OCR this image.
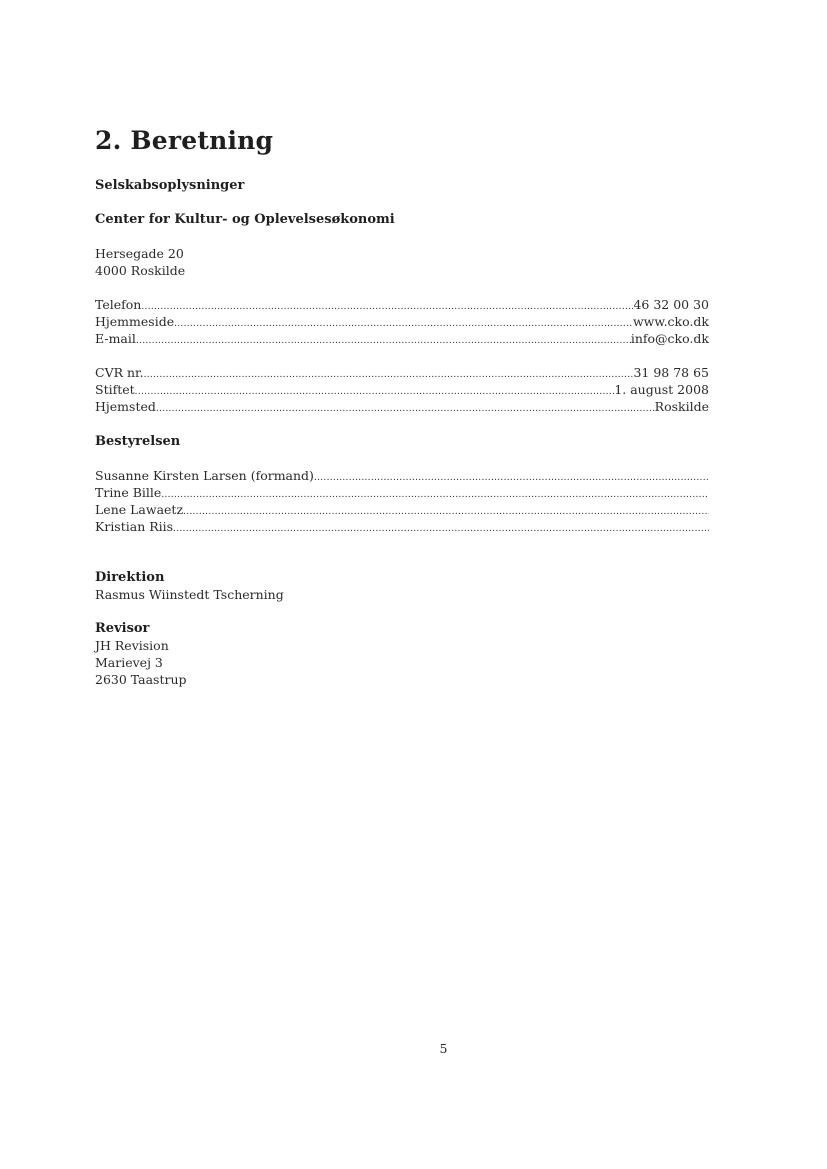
2. Beretning

Selskabsoplysninger

Center for Kultur- og Oplevelsesøkonomi

Hersegade 20

4000 Roskilde

Telefon .....	46 32 00 30
Hjemmeside .....	www.cko.dk
E-mail .....	info@cko.dk
CVR nr. .....	31 98 78 65
Stiftet .....	1. august 2008
Hjemsted .....	Roskilde

Bestyrelsen

Susanne Kirsten Larsen (formand)
.....
Trine Bille
.....
Lene Lawaetz
.....
Kristian Riis
.....

Direktion

Rasmus Wiinstedt Tscherning

Revisor

JH Revision

Marievej 3

2630 Taastrup

5
